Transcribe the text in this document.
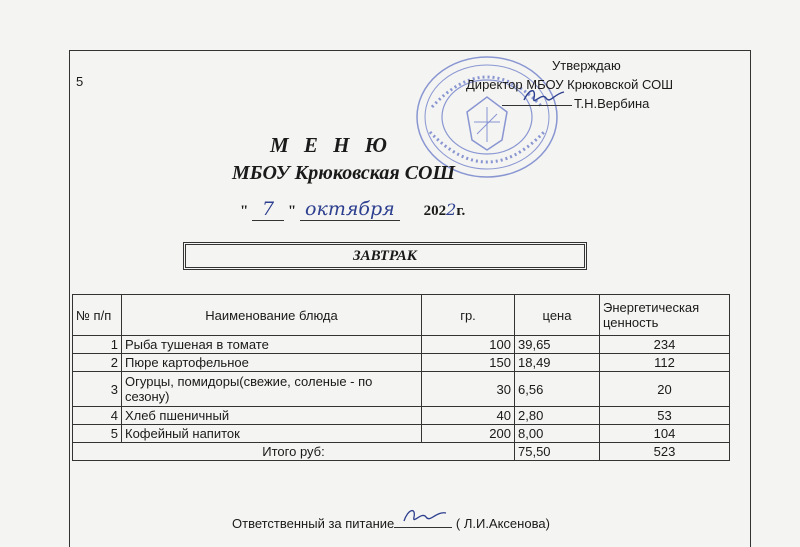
5
Утверждаю
Директор МБОУ Крюковской СОШ
Т.Н.Вербина
М Е Н Ю
МБОУ Крюковская СОШ
" 7 " октября 2022г.
ЗАВТРАК
№ п/п	Наименование блюда	гр.	цена	Энергетическая ценность
1	Рыба тушеная в томате	100	39,65	234
2	Пюре картофельное	150	18,49	112
3	Огурцы, помидоры(свежие, соленые - по сезону)	30	6,56	20
4	Хлеб пшеничный	40	2,80	53
5	Кофейный напиток	200	8,00	104
Итого руб:			75,50	523
Ответственный за питание	( Л.И.Аксенова)
